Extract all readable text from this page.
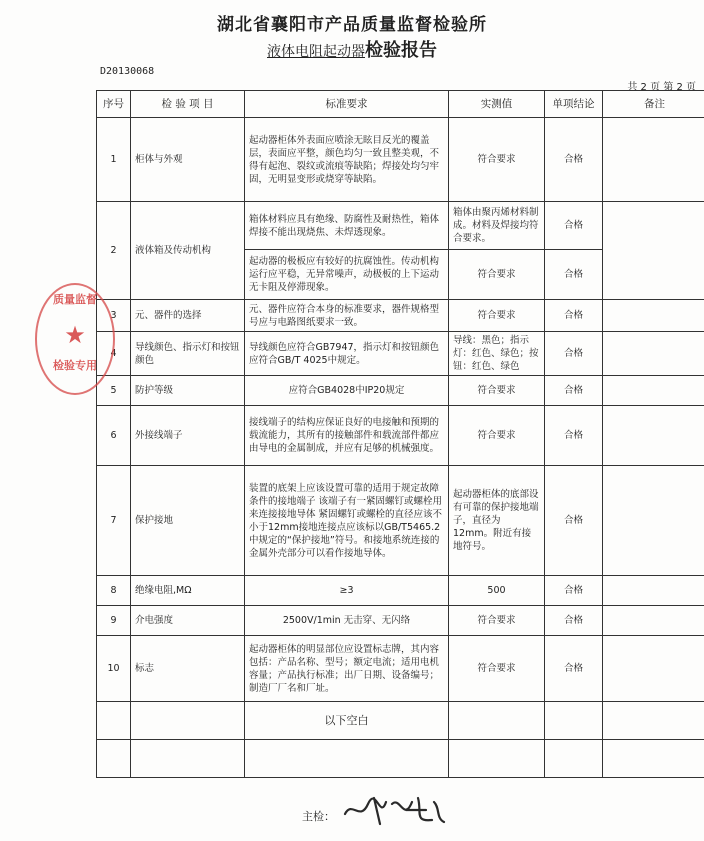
湖北省襄阳市产品质量监督检验所
液体电阻起动器检验报告
D20130068
共 2 页 第 2 页
序号	检 验 项 目	标准要求	实测值	单项结论	备注
1	柜体与外观	起动器柜体外表面应喷涂无眩目反光的覆盖层，表面应平整，颜色均匀一致且整美观，不得有起泡、裂纹或流痕等缺陷；焊接处均匀牢固，无明显变形或烧穿等缺陷。	符合要求	合格	
2	液体箱及传动机构	箱体材料应具有绝缘、防腐性及耐热性，箱体焊接不能出现烧焦、未焊透现象。	箱体由聚丙烯材料制成。材料及焊接均符合要求。	合格	
		起动器的极板应有较好的抗腐蚀性。传动机构运行应平稳，无异常噪声，动极板的上下运动无卡阻及停滞现象。	符合要求	合格	
3	元、器件的选择	元、器件应符合本身的标准要求，器件规格型号应与电路图纸要求一致。	符合要求	合格	
4	导线颜色、指示灯和按钮颜色	导线颜色应符合GB7947，指示灯和按钮颜色应符合GB/T 4025中规定。	导线：黑色；指示灯：红色、绿色；按钮：红色、绿色	合格	
5	防护等级	应符合GB4028中IP20规定	符合要求	合格	
6	外接线端子	接线端子的结构应保证良好的电接触和预期的载流能力，其所有的接触部件和载流部件都应由导电的金属制成，并应有足够的机械强度。	符合要求	合格	
7	保护接地	装置的底架上应该设置可靠的适用于规定故障条件的接地端子 该端子有一紧固螺钉或螺栓用来连接接地导体 紧固螺钉或螺栓的直径应该不小于12mm接地连接点应该标以GB/T5465.2中规定的“保护接地”符号。和接地系统连接的金属外壳部分可以看作接地导体。	起动器柜体的底部设有可靠的保护接地端子，直径为12mm。附近有接地符号。	合格	
8	绝缘电阻,MΩ	≥3	500	合格	
9	介电强度	2500V/1min 无击穿、无闪络	符合要求	合格	
10	标志	起动器柜体的明显部位应设置标志牌，其内容包括：产品名称、型号；额定电流；适用电机容量；产品执行标准；出厂日期、设备编号；制造厂厂名和厂址。	符合要求	合格	
		以下空白			

质量监督
★
检验专用
主检：
